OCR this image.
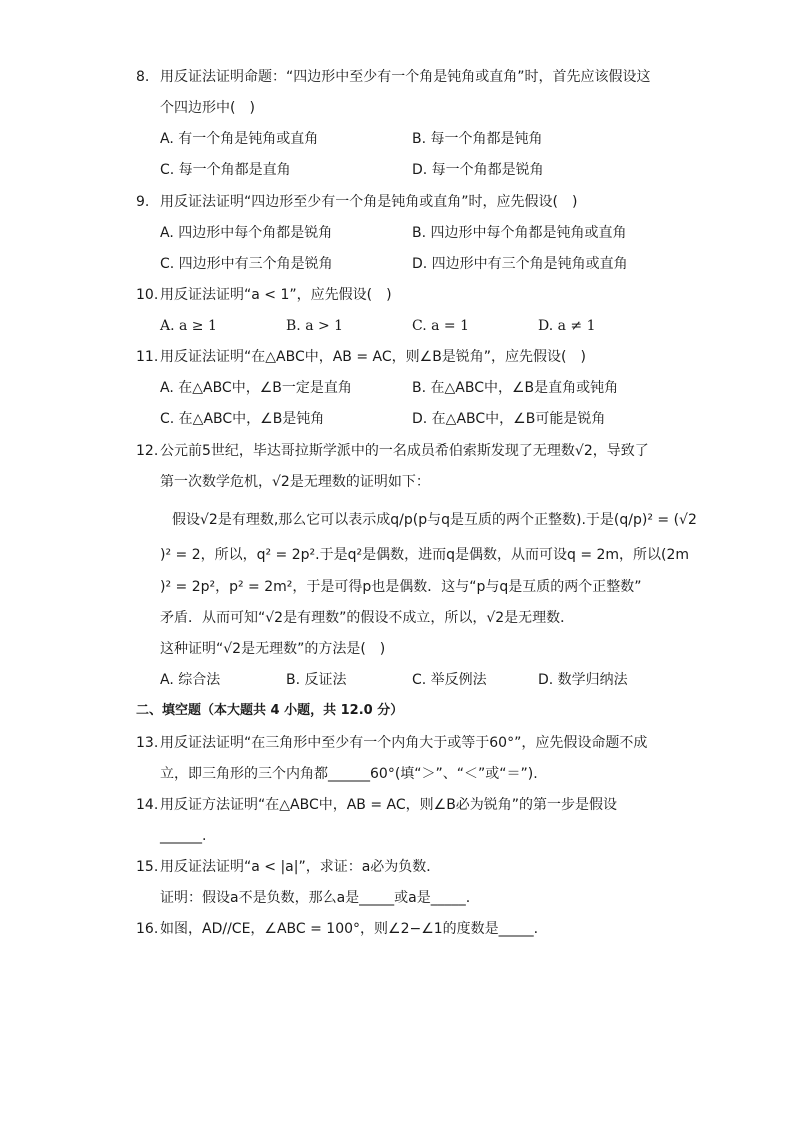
8. 用反证法证明命题：“四边形中至少有一个角是钝角或直角”时，首先应该假设这
个四边形中(　)
A. 有一个角是钝角或直角	B. 每一个角都是钝角
C. 每一个角都是直角	D. 每一个角都是锐角
9. 用反证法证明“四边形至少有一个角是钝角或直角”时，应先假设(　)
A. 四边形中每个角都是锐角	B. 四边形中每个角都是钝角或直角
C. 四边形中有三个角是锐角	D. 四边形中有三个角是钝角或直角
10. 用反证法证明“a < 1”，应先假设(　)
A. a ≥ 1	B. a > 1	C. a = 1	D. a ≠ 1
11. 用反证法证明“在△ABC中，AB = AC，则∠B是锐角”，应先假设(　)
A. 在△ABC中，∠B一定是直角	B. 在△ABC中，∠B是直角或钝角
C. 在△ABC中，∠B是钝角	D. 在△ABC中，∠B可能是锐角
12. 公元前5世纪，毕达哥拉斯学派中的一名成员希伯索斯发现了无理数√2，导致了
第一次数学危机，√2是无理数的证明如下：
假设√2是有理数,那么它可以表示成q/p(p与q是互质的两个正整数).于是(q/p)² = (√2
)² = 2，所以，q² = 2p².于是q²是偶数，进而q是偶数，从而可设q = 2m，所以(2m
)² = 2p²，p² = 2m²，于是可得p也是偶数．这与“p与q是互质的两个正整数”
矛盾．从而可知“√2是有理数”的假设不成立，所以，√2是无理数．
这种证明“√2是无理数”的方法是(　)
A. 综合法	B. 反证法	C. 举反例法	D. 数学归纳法
二、填空题（本大题共 4 小题，共 12.0 分）
13. 用反证法证明“在三角形中至少有一个内角大于或等于60°”，应先假设命题不成
立，即三角形的三个内角都______60°(填“＞”、“＜”或“＝”).
14. 用反证方法证明“在△ABC中，AB = AC，则∠B必为锐角”的第一步是假设
______.
15. 用反证法证明“a < |a|”，求证：a必为负数．
证明：假设a不是负数，那么a是_____或a是_____.
16. 如图，AD//CE，∠ABC = 100°，则∠2−∠1的度数是_____.
